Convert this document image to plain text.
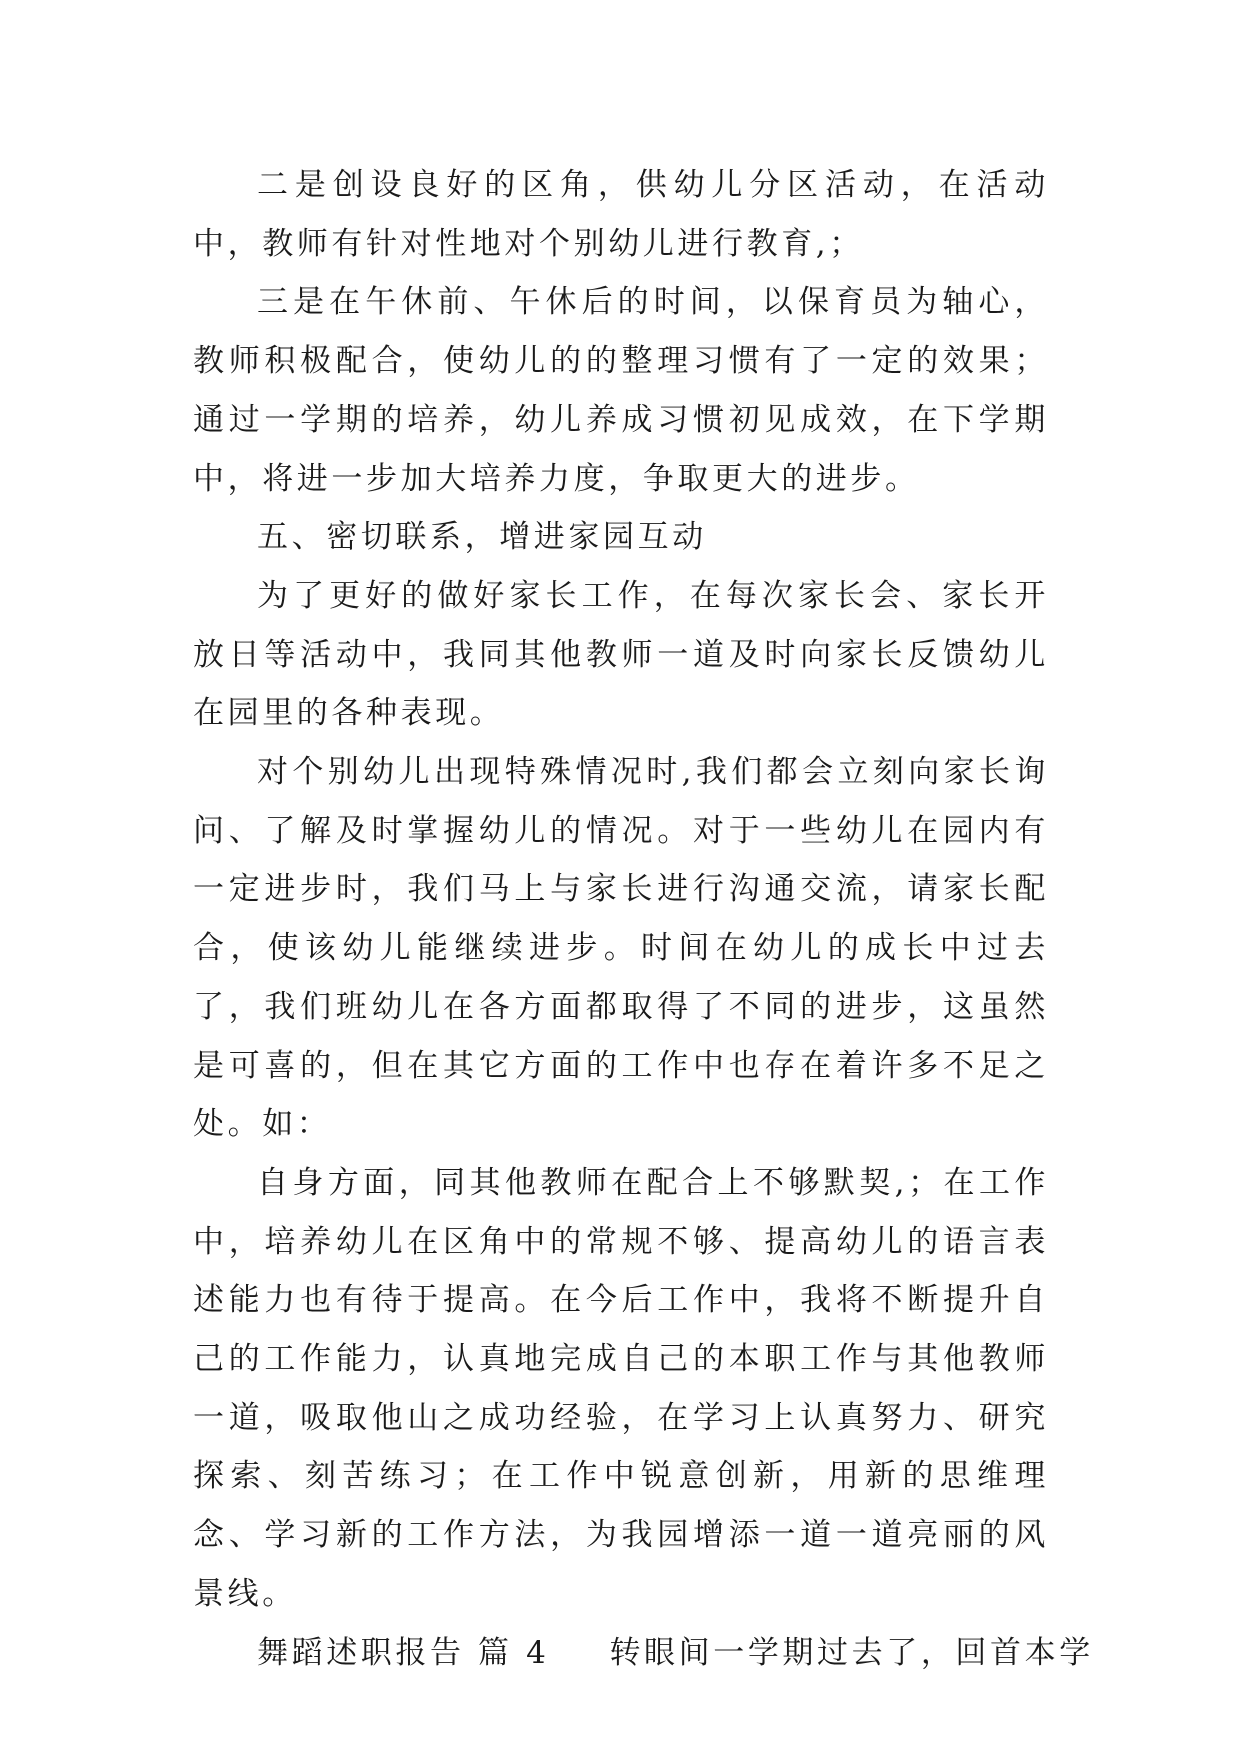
二是创设良好的区角，供幼儿分区活动，在活动中，教师有针对性地对个别幼儿进行教育,；

三是在午休前、午休后的时间，以保育员为轴心，教师积极配合，使幼儿的的整理习惯有了一定的效果；通过一学期的培养，幼儿养成习惯初见成效，在下学期中，将进一步加大培养力度，争取更大的进步。

五、密切联系，增进家园互动

为了更好的做好家长工作，在每次家长会、家长开放日等活动中，我同其他教师一道及时向家长反馈幼儿在园里的各种表现。

对个别幼儿出现特殊情况时,我们都会立刻向家长询问、了解及时掌握幼儿的情况。对于一些幼儿在园内有一定进步时，我们马上与家长进行沟通交流，请家长配合，使该幼儿能继续进步。时间在幼儿的成长中过去了，我们班幼儿在各方面都取得了不同的进步，这虽然是可喜的，但在其它方面的工作中也存在着许多不足之处。如：

自身方面，同其他教师在配合上不够默契,；在工作中，培养幼儿在区角中的常规不够、提高幼儿的语言表述能力也有待于提高。在今后工作中，我将不断提升自己的工作能力，认真地完成自己的本职工作与其他教师一道，吸取他山之成功经验，在学习上认真努力、研究探索、刻苦练习；在工作中锐意创新，用新的思维理念、学习新的工作方法，为我园增添一道一道亮丽的风景线。

舞蹈述职报告 篇 4 转眼间一学期过去了，回首本学
